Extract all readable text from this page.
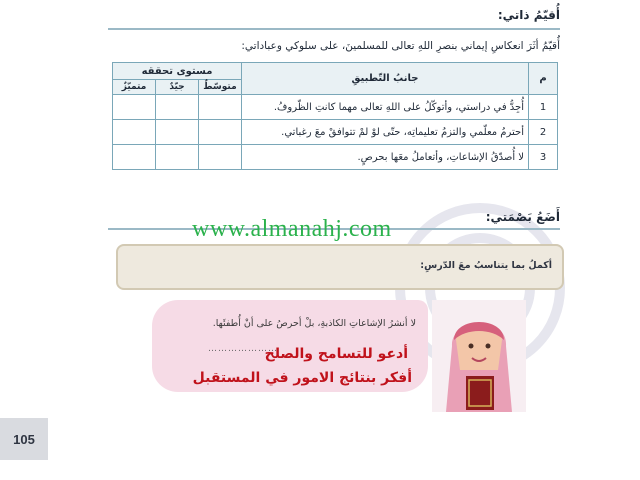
105
أُقيّمُ ذاتي:
أُقيّمُ أثَرَ انعكاسِ إيماني بنصرِ اللهِ تعالى للمسلمينَ، على سلوكي وعباداتي:
م	جانبُ التّطبيقِ	مستوى تحققه		
		متوسّطٌ	جيّدٌ	متميّزٌ
1	أُجِدُّ في دراستي، وأتوكّلُ على اللهِ تعالى مهما كانتِ الظّروفُ.			
2	أحترمُ معلّمي والتزمُ تعليماتِه، حتّى لوْ لمْ تتوافقْ معَ رغباتي.			
3	لا أُصدّقُ الإشاعاتِ، وأتعاملُ معَها بحرصٍ.			
أَضَعُ بَصْمَتي:
www.almanahj.com
أكملُ بما يتناسبُ معَ الدّرسِ:
لا أنشرُ الإشاعاتِ الكاذبةِ، بلْ أحرصُ على أنْ أُطفئَها.
…………………
أدعو للتسامح والصلح
أفكر بنتائج الامور في المستقبل
